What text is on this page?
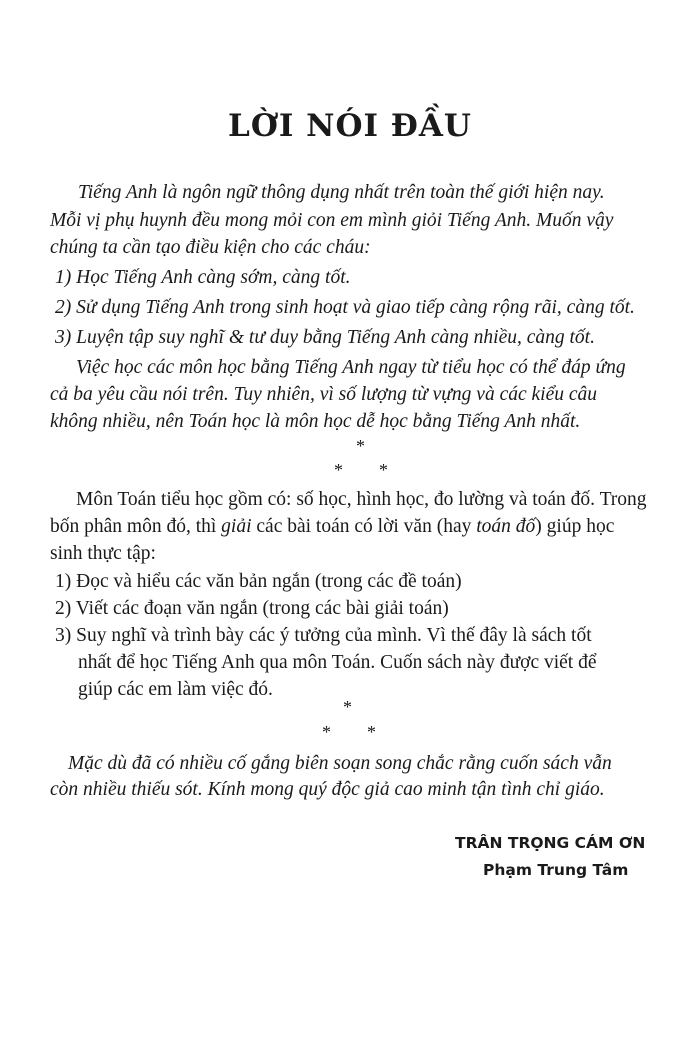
LỜI NÓI ĐẦU
Tiếng Anh là ngôn ngữ thông dụng nhất trên toàn thế giới hiện nay.
Mỗi vị phụ huynh đều mong mỏi con em mình giỏi Tiếng Anh. Muốn vậy
chúng ta cần tạo điều kiện cho các cháu:
1) Học Tiếng Anh càng sớm, càng tốt.
2) Sử dụng Tiếng Anh trong sinh hoạt và giao tiếp càng rộng rãi, càng tốt.
3) Luyện tập suy nghĩ & tư duy bằng Tiếng Anh càng nhiều, càng tốt.
Việc học các môn học bằng Tiếng Anh ngay từ tiểu học có thể đáp ứng
cả ba yêu cầu nói trên. Tuy nhiên, vì số lượng từ vựng và các kiểu câu
không nhiều, nên Toán học là môn học dễ học bằng Tiếng Anh nhất.
*
* *
Môn Toán tiểu học gồm có: số học, hình học, đo lường và toán đố. Trong
bốn phân môn đó, thì giải các bài toán có lời văn (hay toán đố) giúp học
sinh thực tập:
1) Đọc và hiểu các văn bản ngắn (trong các đề toán)
2) Viết các đoạn văn ngắn (trong các bài giải toán)
3) Suy nghĩ và trình bày các ý tưởng của mình. Vì thế đây là sách tốt
nhất để học Tiếng Anh qua môn Toán. Cuốn sách này được viết để
giúp các em làm việc đó.
*
* *
Mặc dù đã có nhiều cố gắng biên soạn song chắc rằng cuốn sách vẫn
còn nhiều thiếu sót. Kính mong quý độc giả cao minh tận tình chỉ giáo.
TRÂN TRỌNG CÁM ƠN
Phạm Trung Tâm
